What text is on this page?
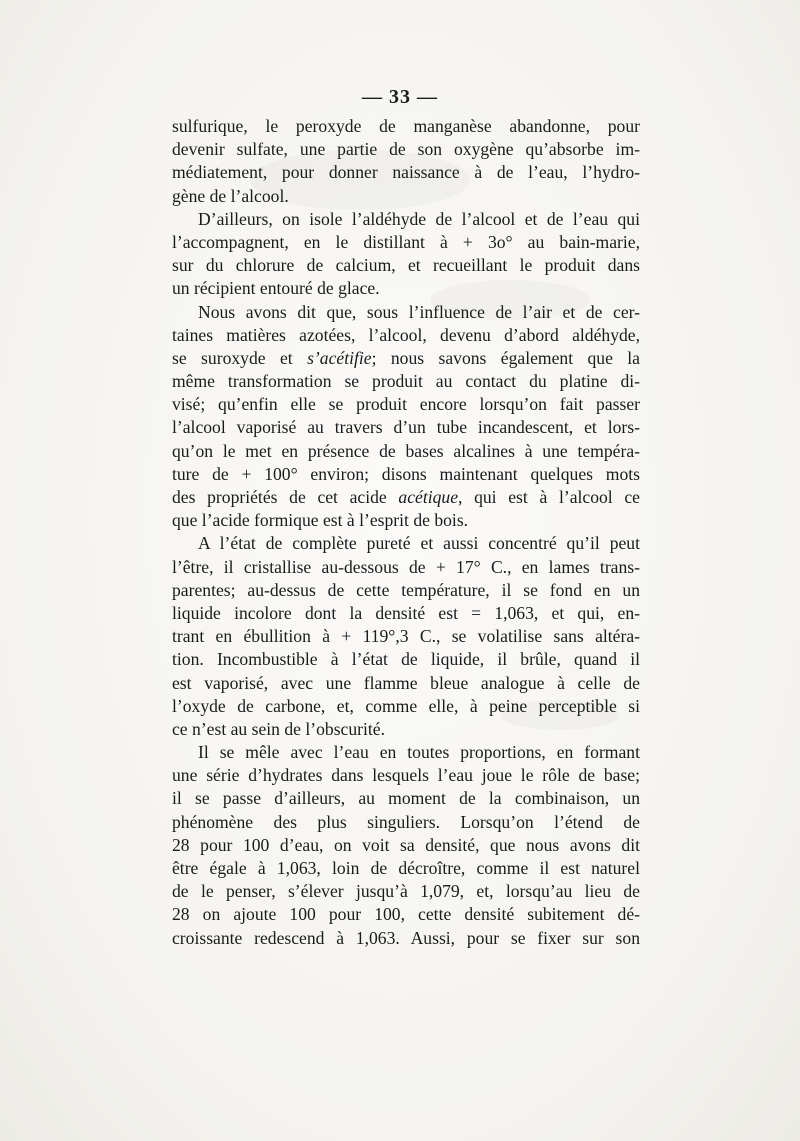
— 33 —
sulfurique, le peroxyde de manganèse abandonne, pour
devenir sulfate, une partie de son oxygène qu’absorbe im-
médiatement, pour donner naissance à de l’eau, l’hydro-
gène de l’alcool.
D’ailleurs, on isole l’aldéhyde de l’alcool et de l’eau qui
l’accompagnent, en le distillant à + 3o° au bain-marie,
sur du chlorure de calcium, et recueillant le produit dans
un récipient entouré de glace.
Nous avons dit que, sous l’influence de l’air et de cer-
taines matières azotées, l’alcool, devenu d’abord aldéhyde,
se suroxyde et s’acétifie; nous savons également que la
même transformation se produit au contact du platine di-
visé; qu’enfin elle se produit encore lorsqu’on fait passer
l’alcool vaporisé au travers d’un tube incandescent, et lors-
qu’on le met en présence de bases alcalines à une tempéra-
ture de + 100° environ; disons maintenant quelques mots
des propriétés de cet acide acétique, qui est à l’alcool ce
que l’acide formique est à l’esprit de bois.
A l’état de complète pureté et aussi concentré qu’il peut
l’être, il cristallise au-dessous de + 17° C., en lames trans-
parentes; au-dessus de cette température, il se fond en un
liquide incolore dont la densité est = 1,063, et qui, en-
trant en ébullition à + 119°,3 C., se volatilise sans altéra-
tion. Incombustible à l’état de liquide, il brûle, quand il
est vaporisé, avec une flamme bleue analogue à celle de
l’oxyde de carbone, et, comme elle, à peine perceptible si
ce n’est au sein de l’obscurité.
Il se mêle avec l’eau en toutes proportions, en formant
une série d’hydrates dans lesquels l’eau joue le rôle de base;
il se passe d’ailleurs, au moment de la combinaison, un
phénomène des plus singuliers. Lorsqu’on l’étend de
28 pour 100 d’eau, on voit sa densité, que nous avons dit
être égale à 1,063, loin de décroître, comme il est naturel
de le penser, s’élever jusqu’à 1,079, et, lorsqu’au lieu de
28 on ajoute 100 pour 100, cette densité subitement dé-
croissante redescend à 1,063. Aussi, pour se fixer sur son
